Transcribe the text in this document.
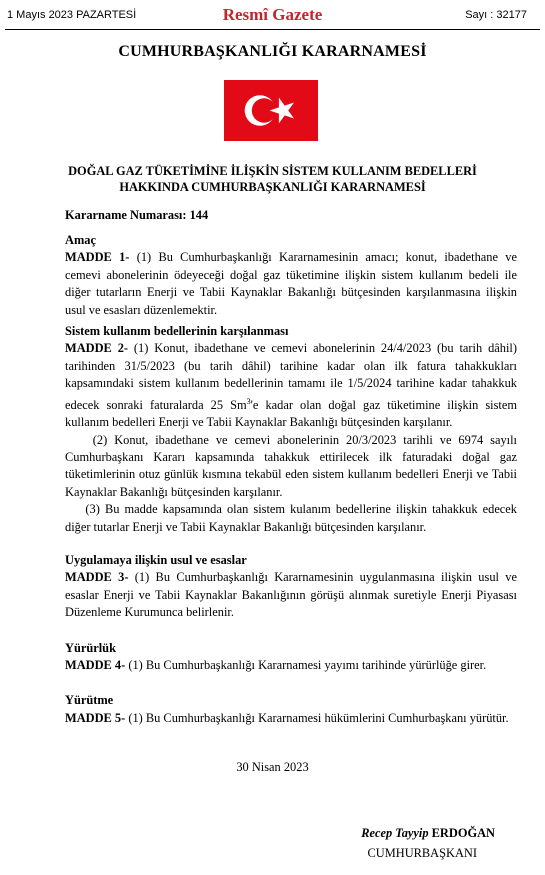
1 Mayıs 2023 PAZARTESİ	Resmî Gazete	Sayı : 32177
CUMHURBAŞKANLIĞI KARARNAMESİ
DOĞAL GAZ TÜKETİMİNE İLİŞKİN SİSTEM KULLANIM BEDELLERİ
HAKKINDA CUMHURBAŞKANLIĞI KARARNAMESİ
Kararname Numarası: 144
Amaç

MADDE 1- (1) Bu Cumhurbaşkanlığı Kararnamesinin amacı; konut, ibadethane ve cemevi abonelerinin ödeyeceği doğal gaz tüketimine ilişkin sistem kullanım bedeli ile diğer tutarların Enerji ve Tabii Kaynaklar Bakanlığı bütçesinden karşılanmasına ilişkin usul ve esasları düzenlemektir.

Sistem kullanım bedellerinin karşılanması

MADDE 2- (1) Konut, ibadethane ve cemevi abonelerinin 24/4/2023 (bu tarih dâhil) tarihinden 31/5/2023 (bu tarih dâhil) tarihine kadar olan ilk fatura tahakkukları kapsamındaki sistem kullanım bedellerinin tamamı ile 1/5/2024 tarihine kadar tahakkuk edecek sonraki faturalarda 25 Sm$^3$'e kadar olan doğal gaz tüketimine ilişkin sistem kullanım bedelleri Enerji ve Tabii Kaynaklar Bakanlığı bütçesinden karşılanır.

(2) Konut, ibadethane ve cemevi abonelerinin 20/3/2023 tarihli ve 6974 sayılı Cumhurbaşkanı Kararı kapsamında tahakkuk ettirilecek ilk faturadaki doğal gaz tüketimlerinin otuz günlük kısmına tekabül eden sistem kullanım bedelleri Enerji ve Tabii Kaynaklar Bakanlığı bütçesinden karşılanır.

(3) Bu madde kapsamında olan sistem kulanım bedellerine ilişkin tahakkuk edecek diğer tutarlar Enerji ve Tabii Kaynaklar Bakanlığı bütçesinden karşılanır.

Uygulamaya ilişkin usul ve esaslar

MADDE 3- (1) Bu Cumhurbaşkanlığı Kararnamesinin uygulanmasına ilişkin usul ve esaslar Enerji ve Tabii Kaynaklar Bakanlığının görüşü alınmak suretiyle Enerji Piyasası Düzenleme Kurumunca belirlenir.

Yürürlük

MADDE 4- (1) Bu Cumhurbaşkanlığı Kararnamesi yayımı tarihinde yürürlüğe girer.

Yürütme

MADDE 5- (1) Bu Cumhurbaşkanlığı Kararnamesi hükümlerini Cumhurbaşkanı yürütür.

30 Nisan 2023
Recep Tayyip ERDOĞAN
CUMHURBAŞKANI
